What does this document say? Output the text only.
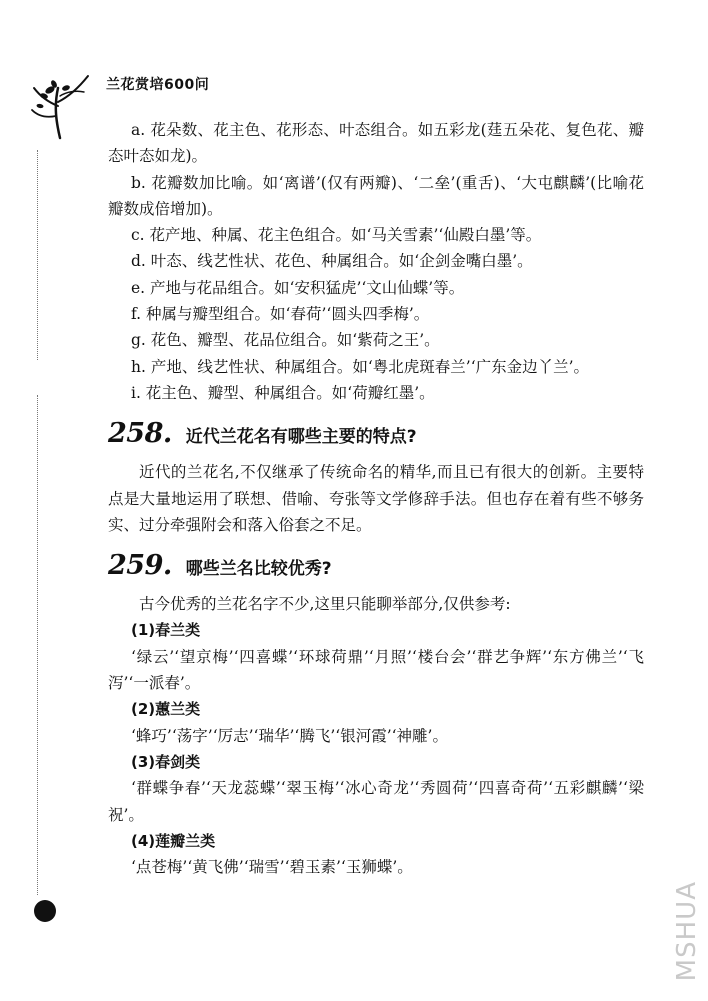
兰花赏培600问

a. 花朵数、花主色、花形态、叶态组合。如五彩龙(莛五朵花、复色花、瓣态叶态如龙)。

b. 花瓣数加比喻。如‘离谱’(仅有两瓣)、‘二垒’(重舌)、‘大屯麒麟’(比喻花瓣数成倍增加)。

c. 花产地、种属、花主色组合。如‘马关雪素’‘仙殿白墨’等。

d. 叶态、线艺性状、花色、种属组合。如‘企剑金嘴白墨’。

e. 产地与花品组合。如‘安积猛虎’‘文山仙蝶’等。

f. 种属与瓣型组合。如‘春荷’‘圆头四季梅’。

g. 花色、瓣型、花品位组合。如‘紫荷之王’。

h. 产地、线艺性状、种属组合。如‘粤北虎斑春兰’‘广东金边丫兰’。

i. 花主色、瓣型、种属组合。如‘荷瓣红墨’。

258. 近代兰花名有哪些主要的特点?

近代的兰花名,不仅继承了传统命名的精华,而且已有很大的创新。主要特点是大量地运用了联想、借喻、夸张等文学修辞手法。但也存在着有些不够务实、过分牵强附会和落入俗套之不足。

259. 哪些兰名比较优秀?

古今优秀的兰花名字不少,这里只能聊举部分,仅供参考:

(1)春兰类

‘绿云’‘望京梅’‘四喜蝶’‘环球荷鼎’‘月照’‘楼台会’‘群艺争辉’‘东方佛兰’‘飞泻’‘一派春’。

(2)蕙兰类

‘蜂巧’‘荡字’‘厉志’‘瑞华’‘腾飞’‘银河霞’‘神雕’。

(3)春剑类

‘群蝶争春’‘天龙蕊蝶’‘翠玉梅’‘冰心奇龙’‘秀圆荷’‘四喜奇荷’‘五彩麒麟’‘梁祝’。

(4)莲瓣兰类

‘点苍梅’‘黄飞佛’‘瑞雪’‘碧玉素’‘玉狮蝶’。

MSHUA
